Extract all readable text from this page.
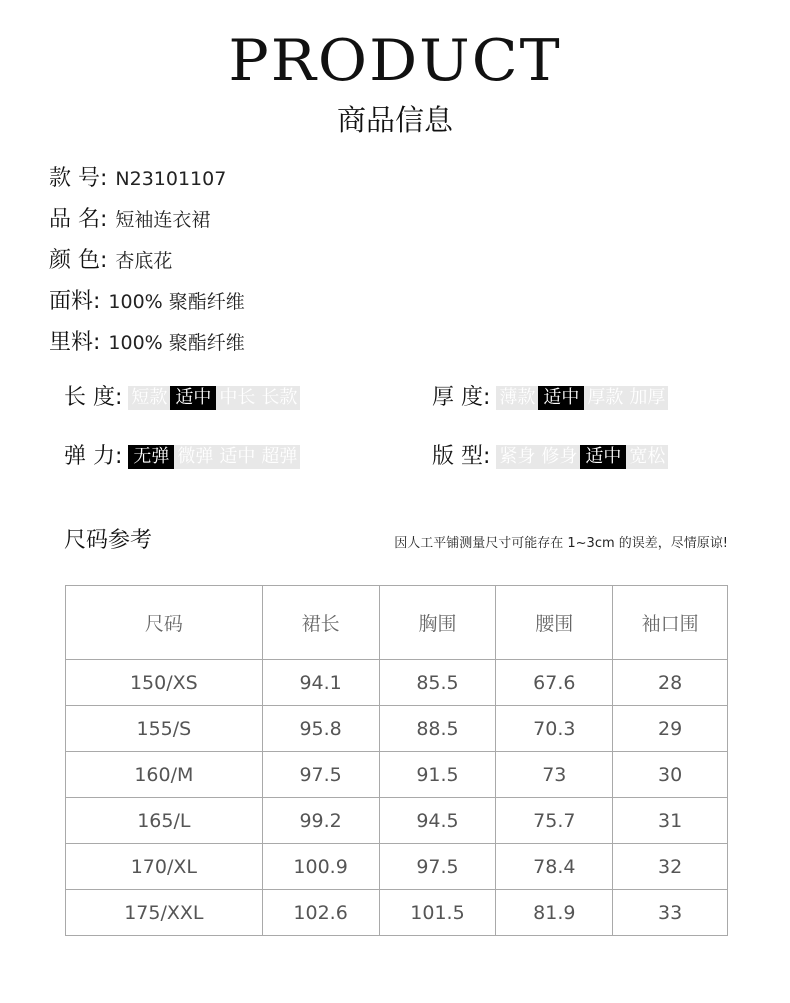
PRODUCT
商品信息
款 号: N23101107
品 名: 短袖连衣裙
颜 色: 杏底花
面料: 100% 聚酯纤维
里料: 100% 聚酯纤维
长 度: 短款 适中 中长 长款	厚 度: 薄款 适中 厚款 加厚
弹 力: 无弹 微弹 适中 超弹	版 型: 紧身 修身 适中 宽松
尺码参考	因人工平铺测量尺寸可能存在 1~3cm 的误差，尽情原谅!
尺码	裙长	胸围	腰围	袖口围
150/XS	94.1	85.5	67.6	28
155/S	95.8	88.5	70.3	29
160/M	97.5	91.5	73	30
165/L	99.2	94.5	75.7	31
170/XL	100.9	97.5	78.4	32
175/XXL	102.6	101.5	81.9	33
